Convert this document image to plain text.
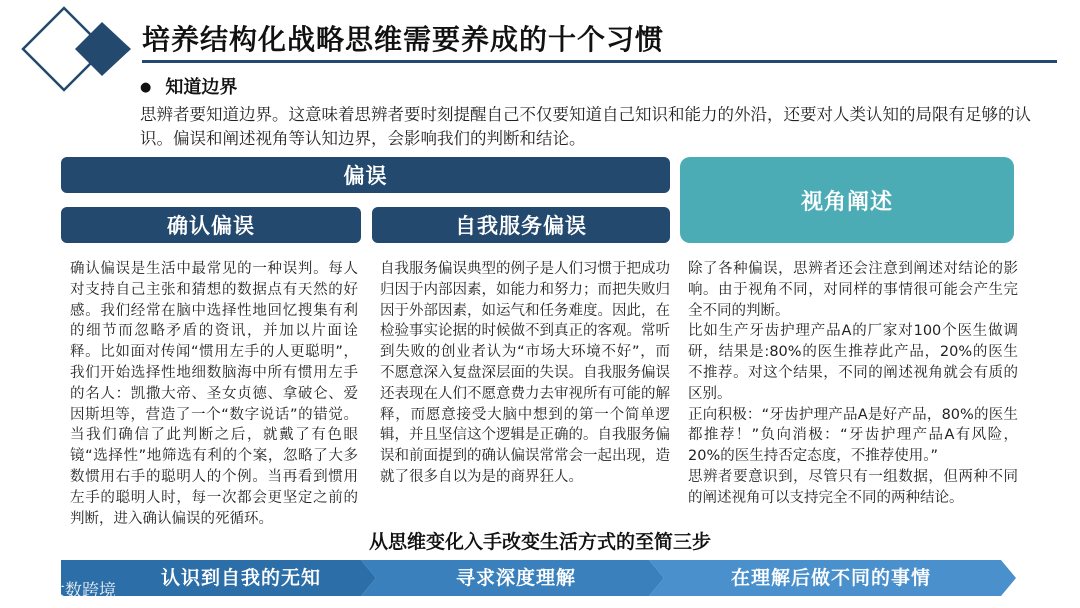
培养结构化战略思维需要养成的十个习惯
● 知道边界
思辨者要知道边界。这意味着思辨者要时刻提醒自己不仅要知道自己知识和能力的外沿，还要对人类认知的局限有足够的认识。偏误和阐述视角等认知边界，会影响我们的判断和结论。
偏误
确认偏误	自我服务偏误
视角阐述
确认偏误是生活中最常见的一种误判。每人对支持自己主张和猜想的数据点有天然的好感。我们经常在脑中选择性地回忆搜集有利的细节而忽略矛盾的资讯，并加以片面诠释。比如面对传闻“惯用左手的人更聪明”，我们开始选择性地细数脑海中所有惯用左手的名人：凯撒大帝、圣女贞德、拿破仑、爱因斯坦等，营造了一个“数字说话”的错觉。当我们确信了此判断之后，就戴了有色眼镜“选择性”地筛选有利的个案，忽略了大多数惯用右手的聪明人的个例。当再看到惯用左手的聪明人时，每一次都会更坚定之前的判断，进入确认偏误的死循环。
自我服务偏误典型的例子是人们习惯于把成功归因于内部因素，如能力和努力；而把失败归因于外部因素，如运气和任务难度。因此，在检验事实论据的时候做不到真正的客观。常听到失败的创业者认为“市场大环境不好”，而不愿意深入复盘深层面的失误。自我服务偏误还表现在人们不愿意费力去审视所有可能的解释，而愿意接受大脑中想到的第一个简单逻辑，并且坚信这个逻辑是正确的。自我服务偏误和前面提到的确认偏误常常会一起出现，造就了很多自以为是的商界狂人。
除了各种偏误，思辨者还会注意到阐述对结论的影响。由于视角不同，对同样的事情很可能会产生完全不同的判断。
比如生产牙齿护理产品A的厂家对100个医生做调研，结果是:80%的医生推荐此产品，20%的医生不推荐。对这个结果，不同的阐述视角就会有质的区别。
正向积极：“牙齿护理产品A是好产品，80%的医生都推荐！”负向消极：“牙齿护理产品A有风险，20%的医生持否定态度，不推荐使用。”
思辨者要意识到，尽管只有一组数据，但两种不同的阐述视角可以支持完全不同的两种结论。
从思维变化入手改变生活方式的至简三步
认识到自我的无知	寻求深度理解	在理解后做不同的事情
大数跨境
